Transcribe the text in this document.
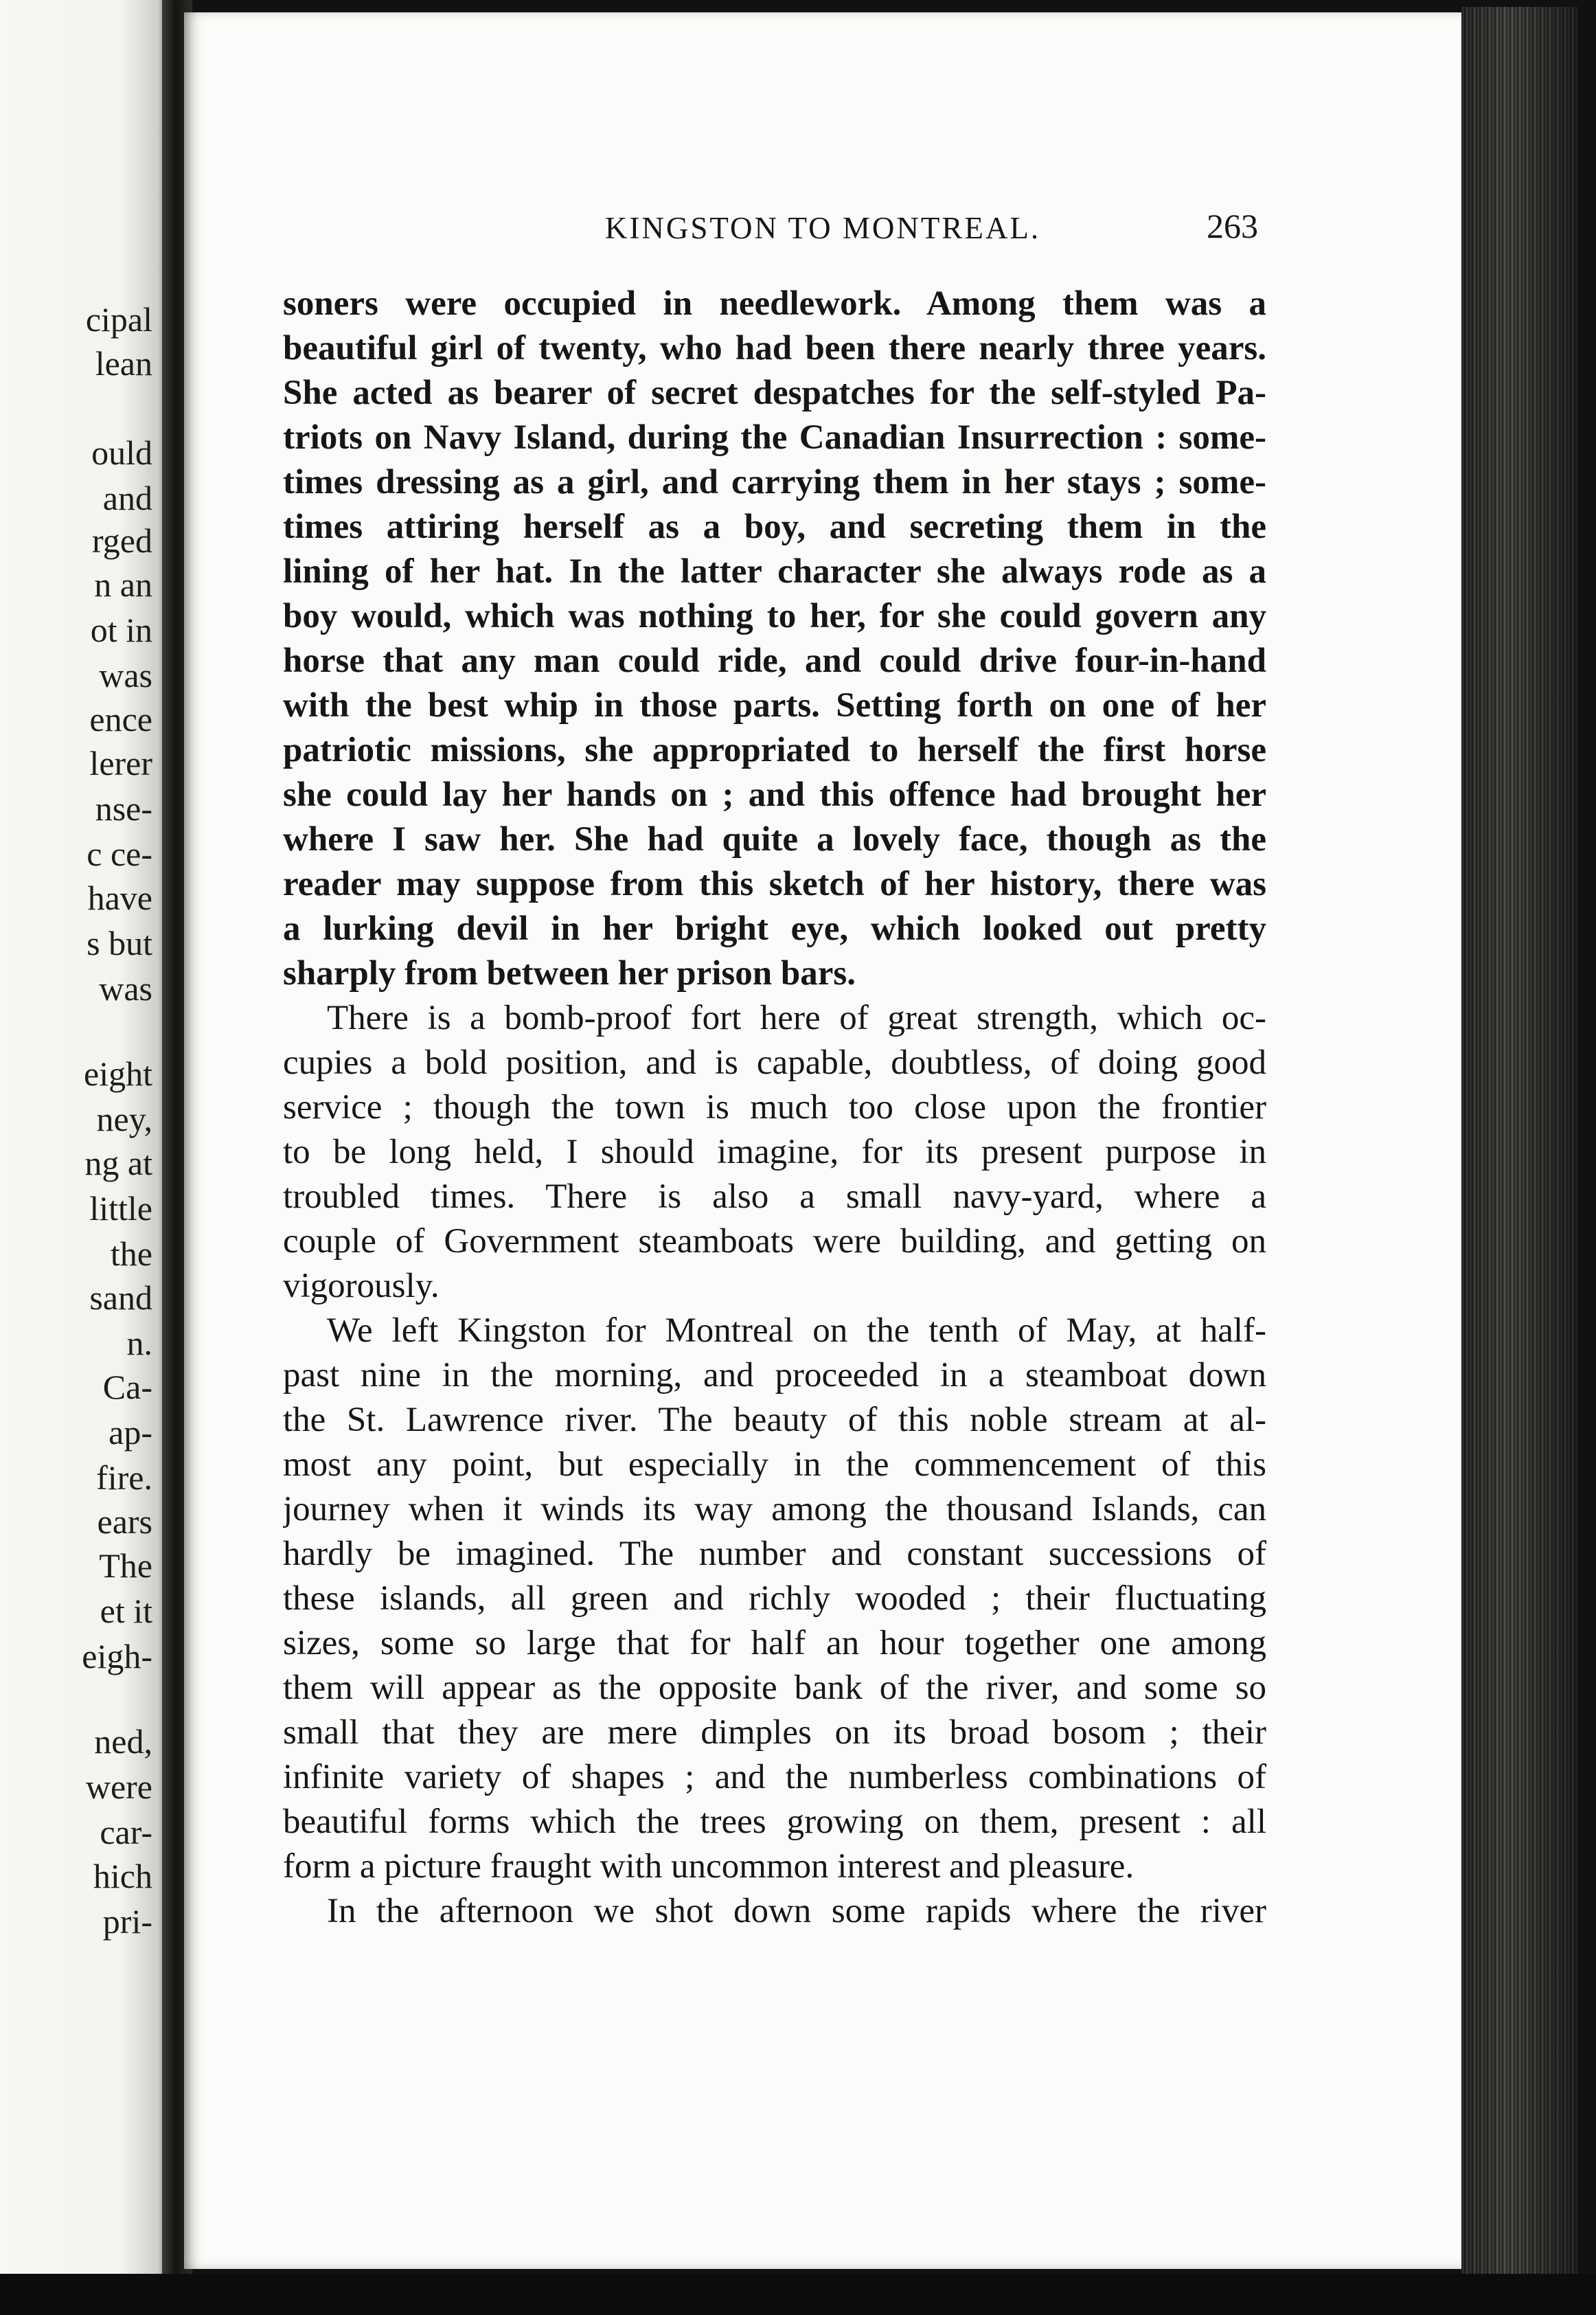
cipal
lean
ould
and
rged
n an
ot in
was
ence
lerer
nse-
c ce-
have
s but
was
eight
ney,
ng at
little
the
sand
n.
Ca-
ap-
fire.
ears
The
et it
eigh-
ned,
were
car-
hich
pri-
KINGSTON TO MONTREAL.	263
soners were occupied in needlework. Among them was a
beautiful girl of twenty, who had been there nearly three years.
She acted as bearer of secret despatches for the self-styled Pa-
triots on Navy Island, during the Canadian Insurrection : some-
times dressing as a girl, and carrying them in her stays ; some-
times attiring herself as a boy, and secreting them in the
lining of her hat. In the latter character she always rode as a
boy would, which was nothing to her, for she could govern any
horse that any man could ride, and could drive four-in-hand
with the best whip in those parts. Setting forth on one of her
patriotic missions, she appropriated to herself the first horse
she could lay her hands on ; and this offence had brought her
where I saw her. She had quite a lovely face, though as the
reader may suppose from this sketch of her history, there was
a lurking devil in her bright eye, which looked out pretty
sharply from between her prison bars.
There is a bomb-proof fort here of great strength, which oc-
cupies a bold position, and is capable, doubtless, of doing good
service ; though the town is much too close upon the frontier
to be long held, I should imagine, for its present purpose in
troubled times. There is also a small navy-yard, where a
couple of Government steamboats were building, and getting on
vigorously.
We left Kingston for Montreal on the tenth of May, at half-
past nine in the morning, and proceeded in a steamboat down
the St. Lawrence river. The beauty of this noble stream at al-
most any point, but especially in the commencement of this
journey when it winds its way among the thousand Islands, can
hardly be imagined. The number and constant successions of
these islands, all green and richly wooded ; their fluctuating
sizes, some so large that for half an hour together one among
them will appear as the opposite bank of the river, and some so
small that they are mere dimples on its broad bosom ; their
infinite variety of shapes ; and the numberless combinations of
beautiful forms which the trees growing on them, present : all
form a picture fraught with uncommon interest and pleasure.
In the afternoon we shot down some rapids where the river
